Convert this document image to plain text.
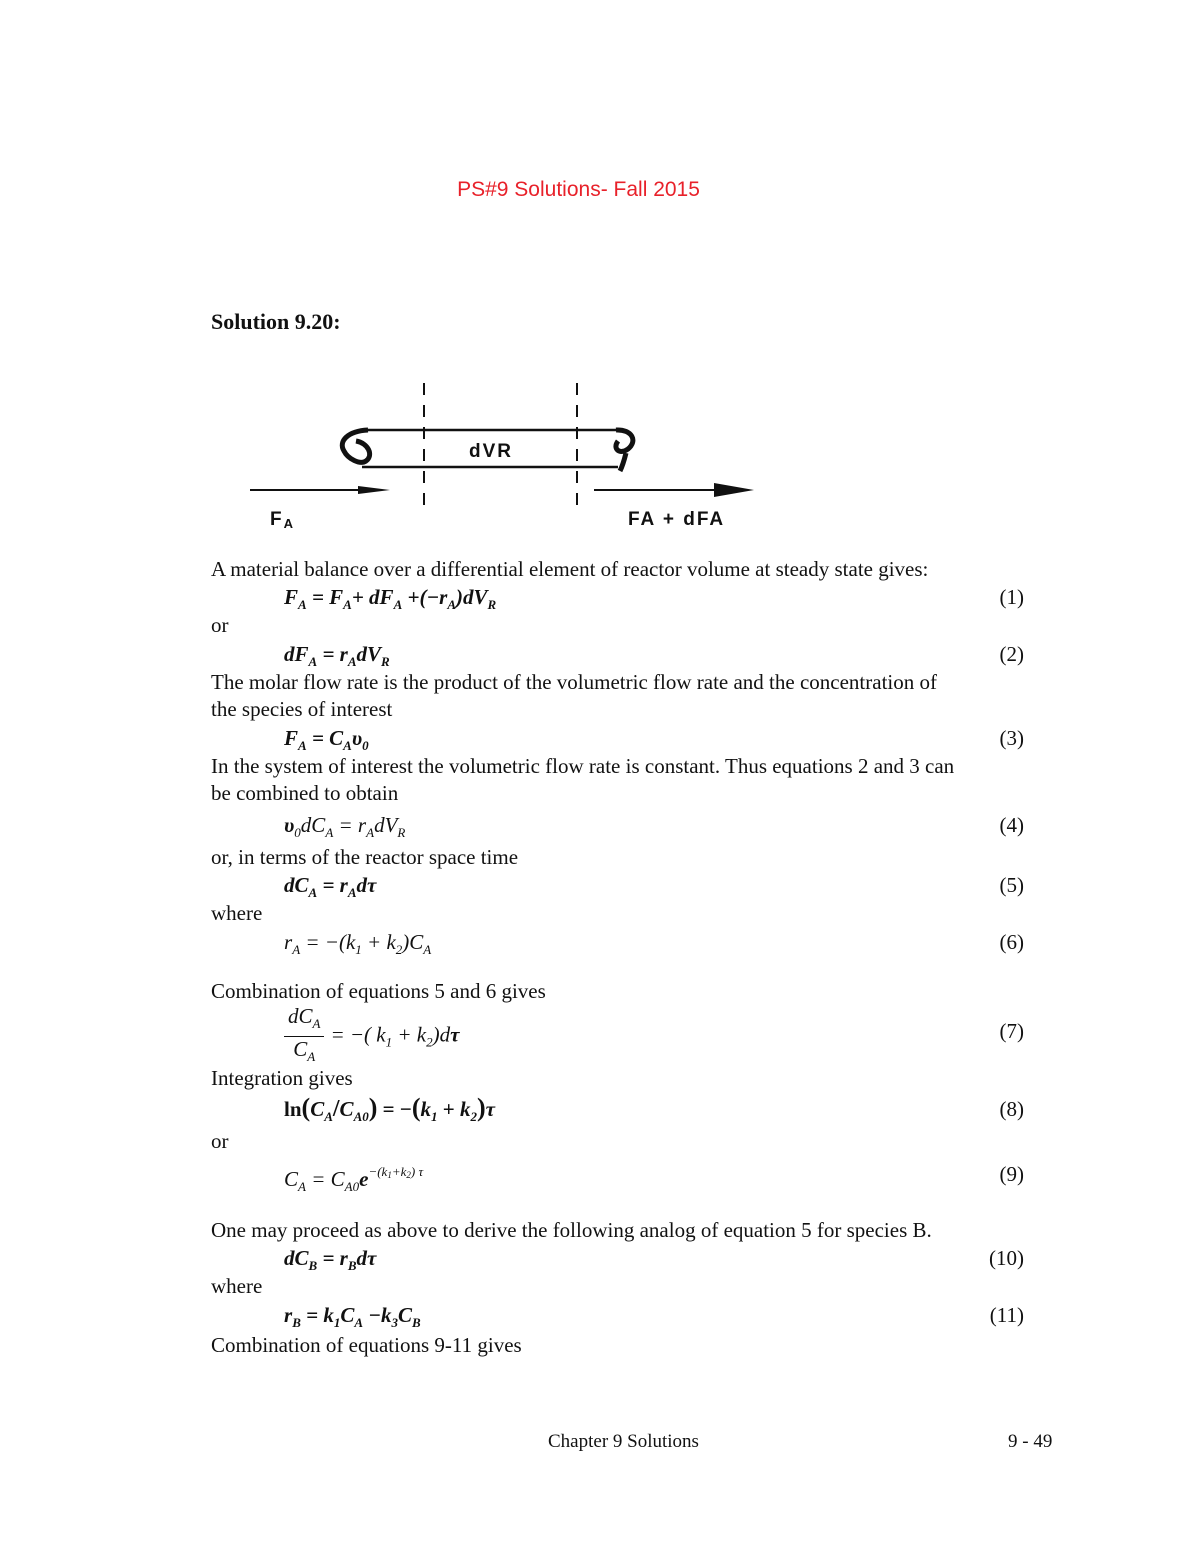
PS#9 Solutions- Fall 2015
Solution 9.20:
dVR
$F_A$	FA + dFA
A material balance over a differential element of reactor volume at steady state gives:
$F_A = F_A+ dF_A +(-r_A)dV_R$	(1)
or
$dF_A = r_AdV_R$	(2)
The molar flow rate is the product of the volumetric flow rate and the concentration of
the species of interest
$F_A = C_A\upsilon_0$	(3)
In the system of interest the volumetric flow rate is constant. Thus equations 2 and 3 can
be combined to obtain
$\upsilon_0dC_A = r_AdV_R$	(4)
or, in terms of the reactor space time
$dC_A = r_Ad\tau$	(5)
where
$r_A = -(k_1 + k_2)C_A$	(6)
Combination of equations 5 and 6 gives
$\frac{dC_A}{C_A}$ = −( $k_1 + k_2)d\tau$	(7)
Integration gives
$\ln(C_A/C_{A0}) = -(k_1 + k_2)\tau$	(8)
or
$C_A = C_{A0}e^{-(k_1+k_2) \tau}$	(9)
One may proceed as above to derive the following analog of equation 5 for species B.
$dC_B = r_Bd\tau$	(10)
where
$r_B = k_1C_A -k_3C_B$	(11)
Combination of equations 9-11 gives
Chapter 9 Solutions	9 - 49
